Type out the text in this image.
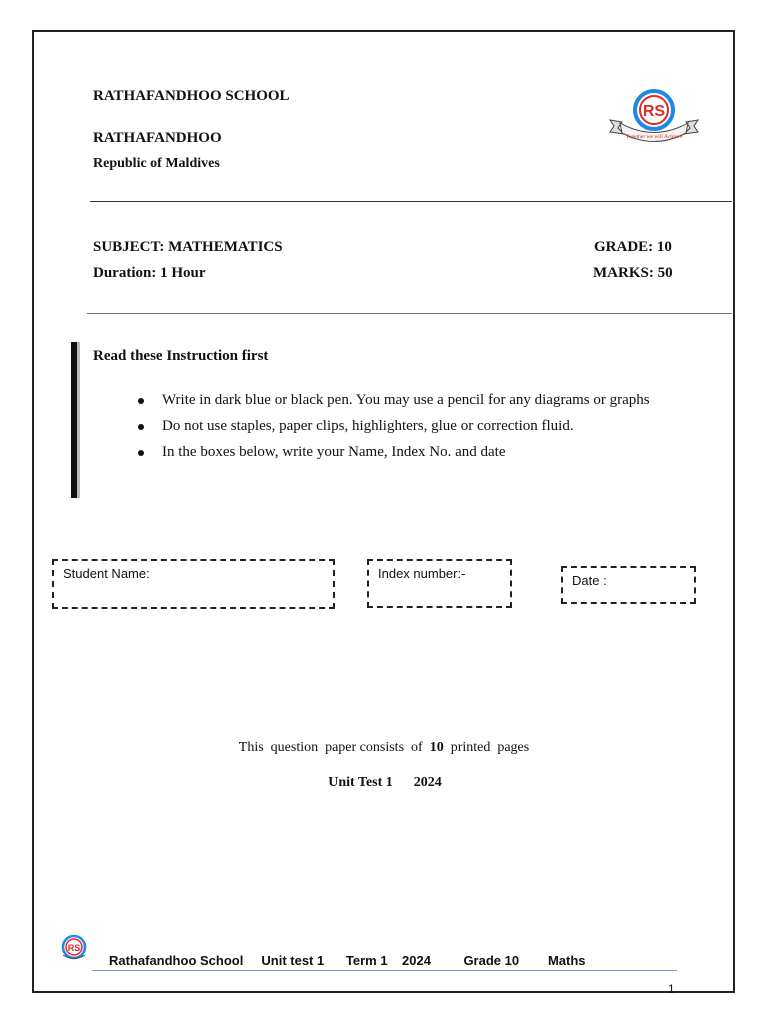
RATHAFANDHOO SCHOOL
RATHAFANDHOO
Republic of Maldives
RS
Together we will Achieve
SUBJECT: MATHEMATICS	GRADE: 10
Duration: 1 Hour	MARKS: 50
Read these Instruction first
Write in dark blue or black pen. You may use a pencil for any diagrams or graphs
Do not use staples, paper clips, highlighters, glue or correction fluid.
In the boxes below, write your Name, Index No. and date
Student Name:	Index number:-	Date :
This  question  paper consists  of 10 printed  pages
Unit Test 1 2024
RS
Rathafandhoo School     Unit test 1      Term 1    2024         Grade 10        Maths
1
